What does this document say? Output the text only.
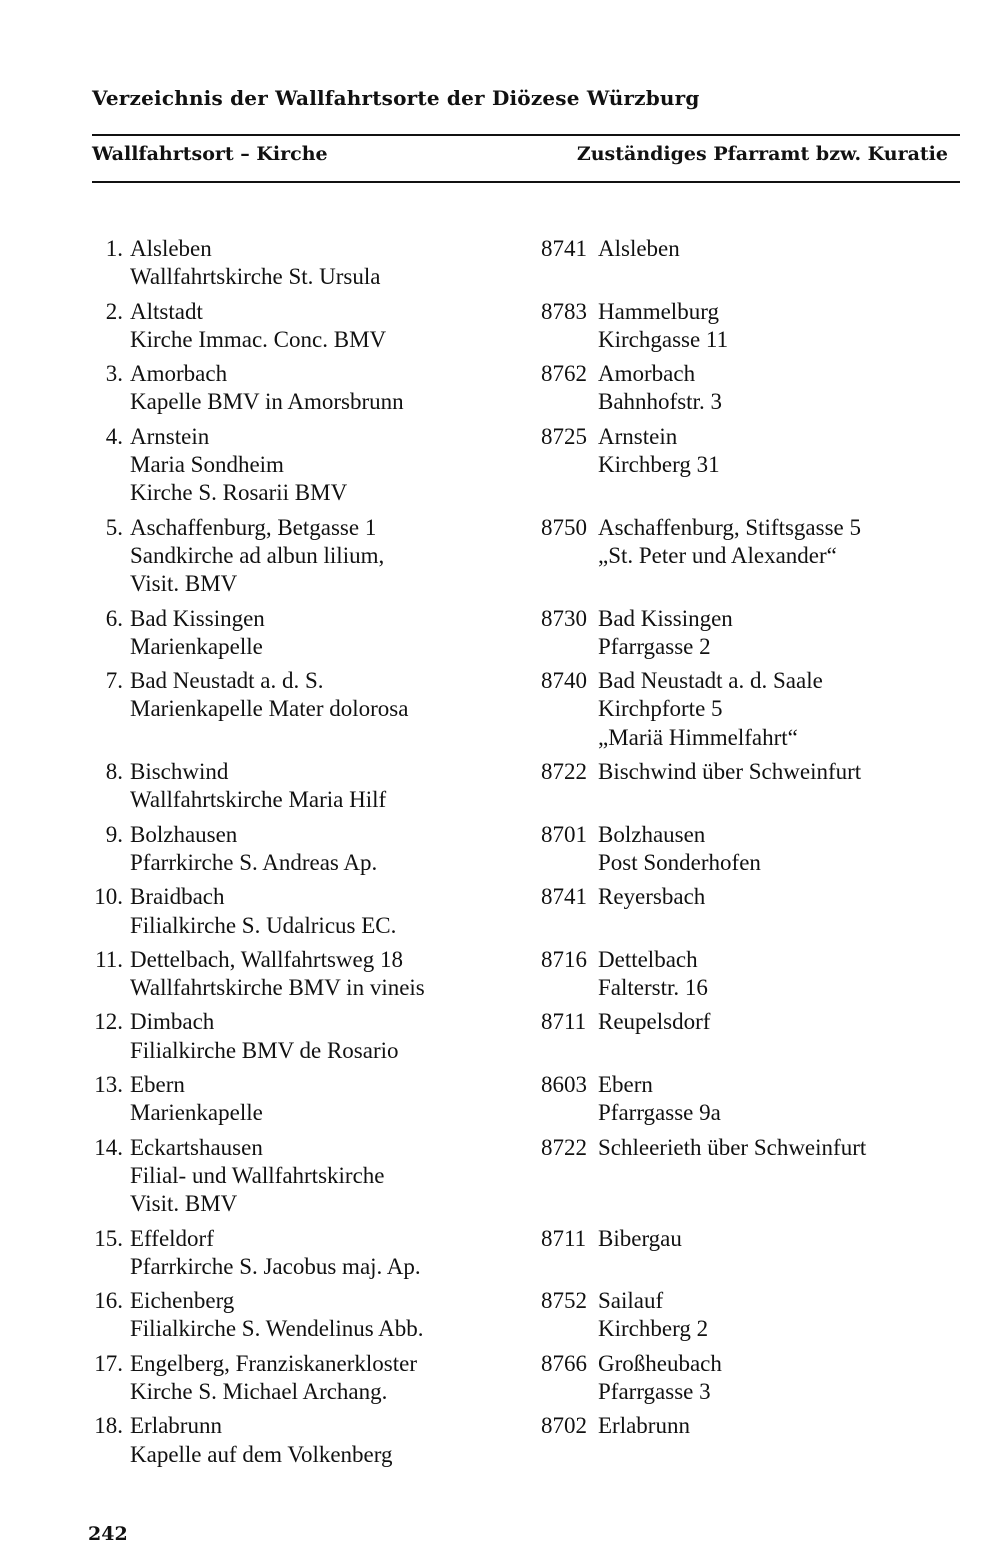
Verzeichnis der Wallfahrtsorte der Diözese Würzburg
Wallfahrtsort – Kirche	Zuständiges Pfarramt bzw. Kuratie
1.	8741
Alsleben	Alsleben
Wallfahrtskirche St. Ursula
2.	8783
Altstadt	Hammelburg
Kirche Immac. Conc. BMV	Kirchgasse 11
3.	8762
Amorbach	Amorbach
Kapelle BMV in Amorsbrunn	Bahnhofstr. 3
4.	8725
Arnstein	Arnstein
Maria Sondheim	Kirchberg 31
Kirche S. Rosarii BMV
5.	8750
Aschaffenburg, Betgasse 1	Aschaffenburg, Stiftsgasse 5
Sandkirche ad albun lilium,	„St. Peter und Alexander“
Visit. BMV
6.	8730
Bad Kissingen	Bad Kissingen
Marienkapelle	Pfarrgasse 2
7.	8740
Bad Neustadt a. d. S.	Bad Neustadt a. d. Saale
Marienkapelle Mater dolorosa	Kirchpforte 5
„Mariä Himmelfahrt“
8.	8722
Bischwind	Bischwind über Schweinfurt
Wallfahrtskirche Maria Hilf
9.	8701
Bolzhausen	Bolzhausen
Pfarrkirche S. Andreas Ap.	Post Sonderhofen
10.	8741
Braidbach	Reyersbach
Filialkirche S. Udalricus EC.
11.	8716
Dettelbach, Wallfahrtsweg 18	Dettelbach
Wallfahrtskirche BMV in vineis	Falterstr. 16
12.	8711
Dimbach	Reupelsdorf
Filialkirche BMV de Rosario
13.	8603
Ebern	Ebern
Marienkapelle	Pfarrgasse 9a
14.	8722
Eckartshausen	Schleerieth über Schweinfurt
Filial- und Wallfahrtskirche
Visit. BMV
15.	8711
Effeldorf	Bibergau
Pfarrkirche S. Jacobus maj. Ap.
16.	8752
Eichenberg	Sailauf
Filialkirche S. Wendelinus Abb.	Kirchberg 2
17.	8766
Engelberg, Franziskanerkloster	Großheubach
Kirche S. Michael Archang.	Pfarrgasse 3
18.	8702
Erlabrunn	Erlabrunn
Kapelle auf dem Volkenberg
242
